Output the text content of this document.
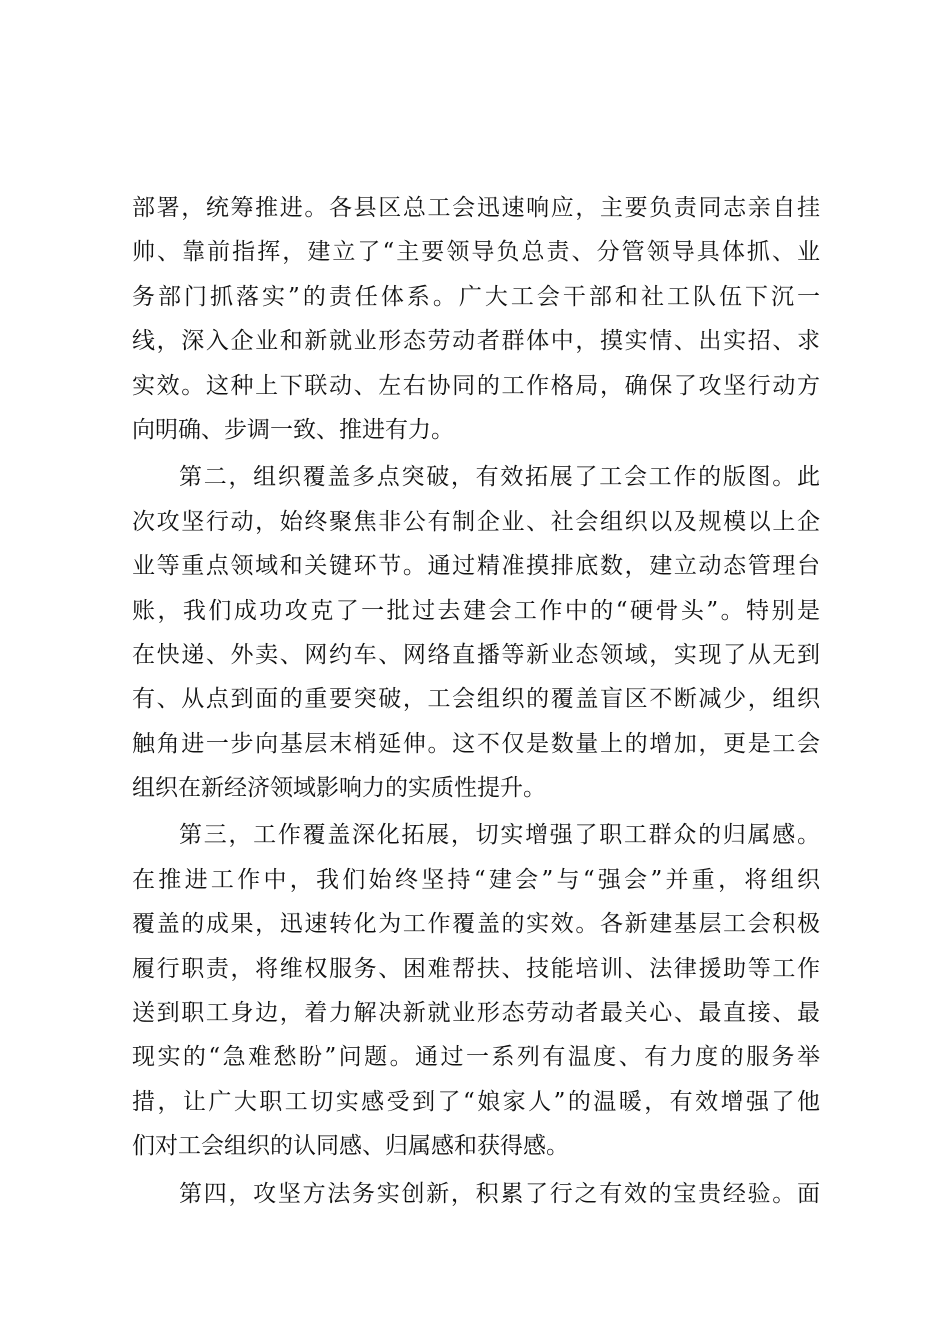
部署，统筹推进。各县区总工会迅速响应，主要负责同志亲自挂
帅、靠前指挥，建立了“主要领导负总责、分管领导具体抓、业
务部门抓落实”的责任体系。广大工会干部和社工队伍下沉一
线，深入企业和新就业形态劳动者群体中，摸实情、出实招、求
实效。这种上下联动、左右协同的工作格局，确保了攻坚行动方
向明确、步调一致、推进有力。
第二，组织覆盖多点突破，有效拓展了工会工作的版图。此
次攻坚行动，始终聚焦非公有制企业、社会组织以及规模以上企
业等重点领域和关键环节。通过精准摸排底数，建立动态管理台
账，我们成功攻克了一批过去建会工作中的“硬骨头”。特别是
在快递、外卖、网约车、网络直播等新业态领域，实现了从无到
有、从点到面的重要突破，工会组织的覆盖盲区不断减少，组织
触角进一步向基层末梢延伸。这不仅是数量上的增加，更是工会
组织在新经济领域影响力的实质性提升。
第三，工作覆盖深化拓展，切实增强了职工群众的归属感。
在推进工作中，我们始终坚持“建会”与“强会”并重，将组织
覆盖的成果，迅速转化为工作覆盖的实效。各新建基层工会积极
履行职责，将维权服务、困难帮扶、技能培训、法律援助等工作
送到职工身边，着力解决新就业形态劳动者最关心、最直接、最
现实的“急难愁盼”问题。通过一系列有温度、有力度的服务举
措，让广大职工切实感受到了“娘家人”的温暖，有效增强了他
们对工会组织的认同感、归属感和获得感。
第四，攻坚方法务实创新，积累了行之有效的宝贵经验。面
